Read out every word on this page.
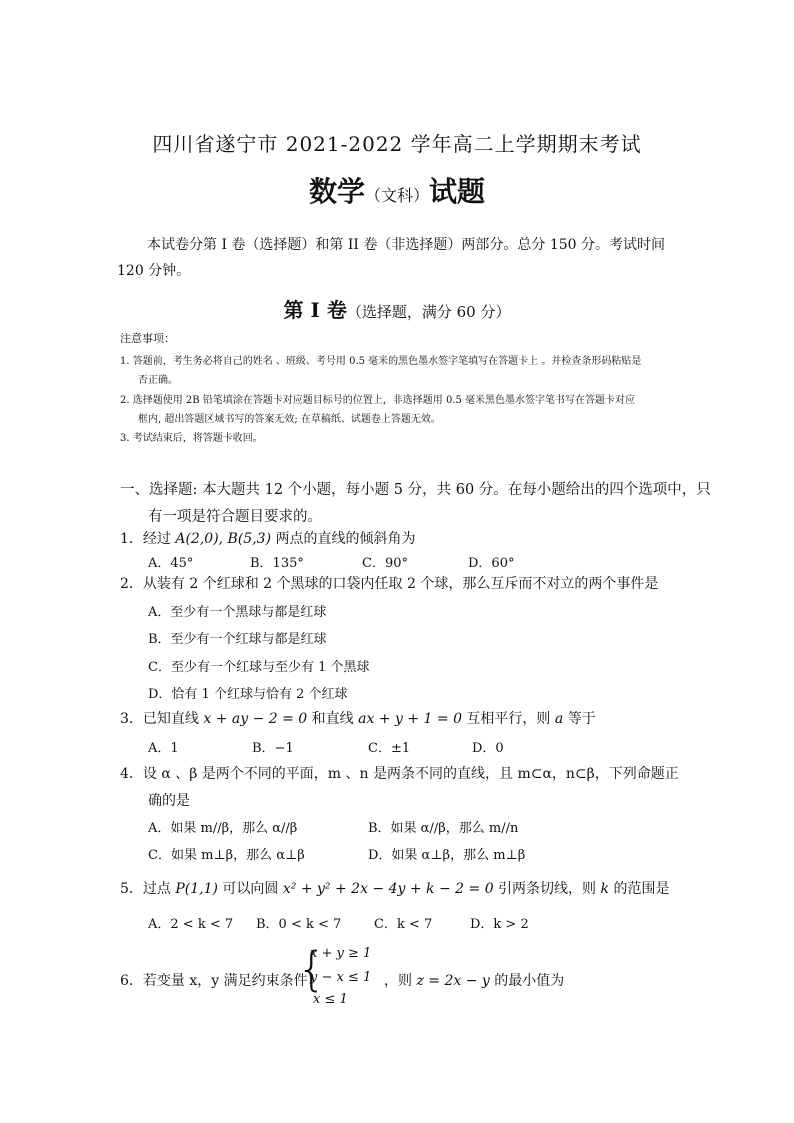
四川省遂宁市 2021-2022 学年高二上学期期末考试
数学（文科）试题
本试卷分第 I 卷（选择题）和第 II 卷（非选择题）两部分。总分 150 分。考试时间 120 分钟。
第 I 卷（选择题，满分 60 分）
注意事项：
1. 答题前，考生务必将自己的姓名 、班级、考号用 0.5 毫米的黑色墨水签字笔填写在答题卡上 。并检查条形码粘贴是
否正确。
2. 选择题使用 2B 铅笔填涂在答题卡对应题目标号的位置上，非选择题用 0.5 毫米黑色墨水签字笔书写在答题卡对应
框内, 超出答题区域书写的答案无效; 在草稿纸、试题卷上答题无效。
3. 考试结束后，将答题卡收回。
一、选择题: 本大题共 12 个小题，每小题 5 分，共 60 分。在每小题给出的四个选项中，只
有一项是符合题目要求的。
1．经过 A(2,0), B(5,3) 两点的直线的倾斜角为
A．45°	B．135°	C．90°	D．60°
2．从装有 2 个红球和 2 个黑球的口袋内任取 2 个球，那么互斥而不对立的两个事件是
A．至少有一个黑球与都是红球
B．至少有一个红球与都是红球
C．至少有一个红球与至少有 1 个黑球
D．恰有 1 个红球与恰有 2 个红球
3．已知直线 x + ay − 2 = 0 和直线 ax + y + 1 = 0 互相平行，则 a 等于
A．1	B．−1	C．±1	D．0
4．设 α 、β 是两个不同的平面，m 、n 是两条不同的直线，且 m⊂α，n⊂β，下列命题正
确的是
A．如果 m//β，那么 α//β	B．如果 α//β，那么 m//n
C．如果 m⊥β，那么 α⊥β	D．如果 α⊥β，那么 m⊥β
5．过点 P(1,1) 可以向圆 x² + y² + 2x − 4y + k − 2 = 0 引两条切线，则 k 的范围是
A．2 < k < 7 B．0 < k < 7	C．k < 7	D．k > 2
6．若变量 x，y 满足约束条件
{
x + y ≥ 1
y − x ≤ 1
x ≤ 1
，则 z = 2x − y 的最小值为
